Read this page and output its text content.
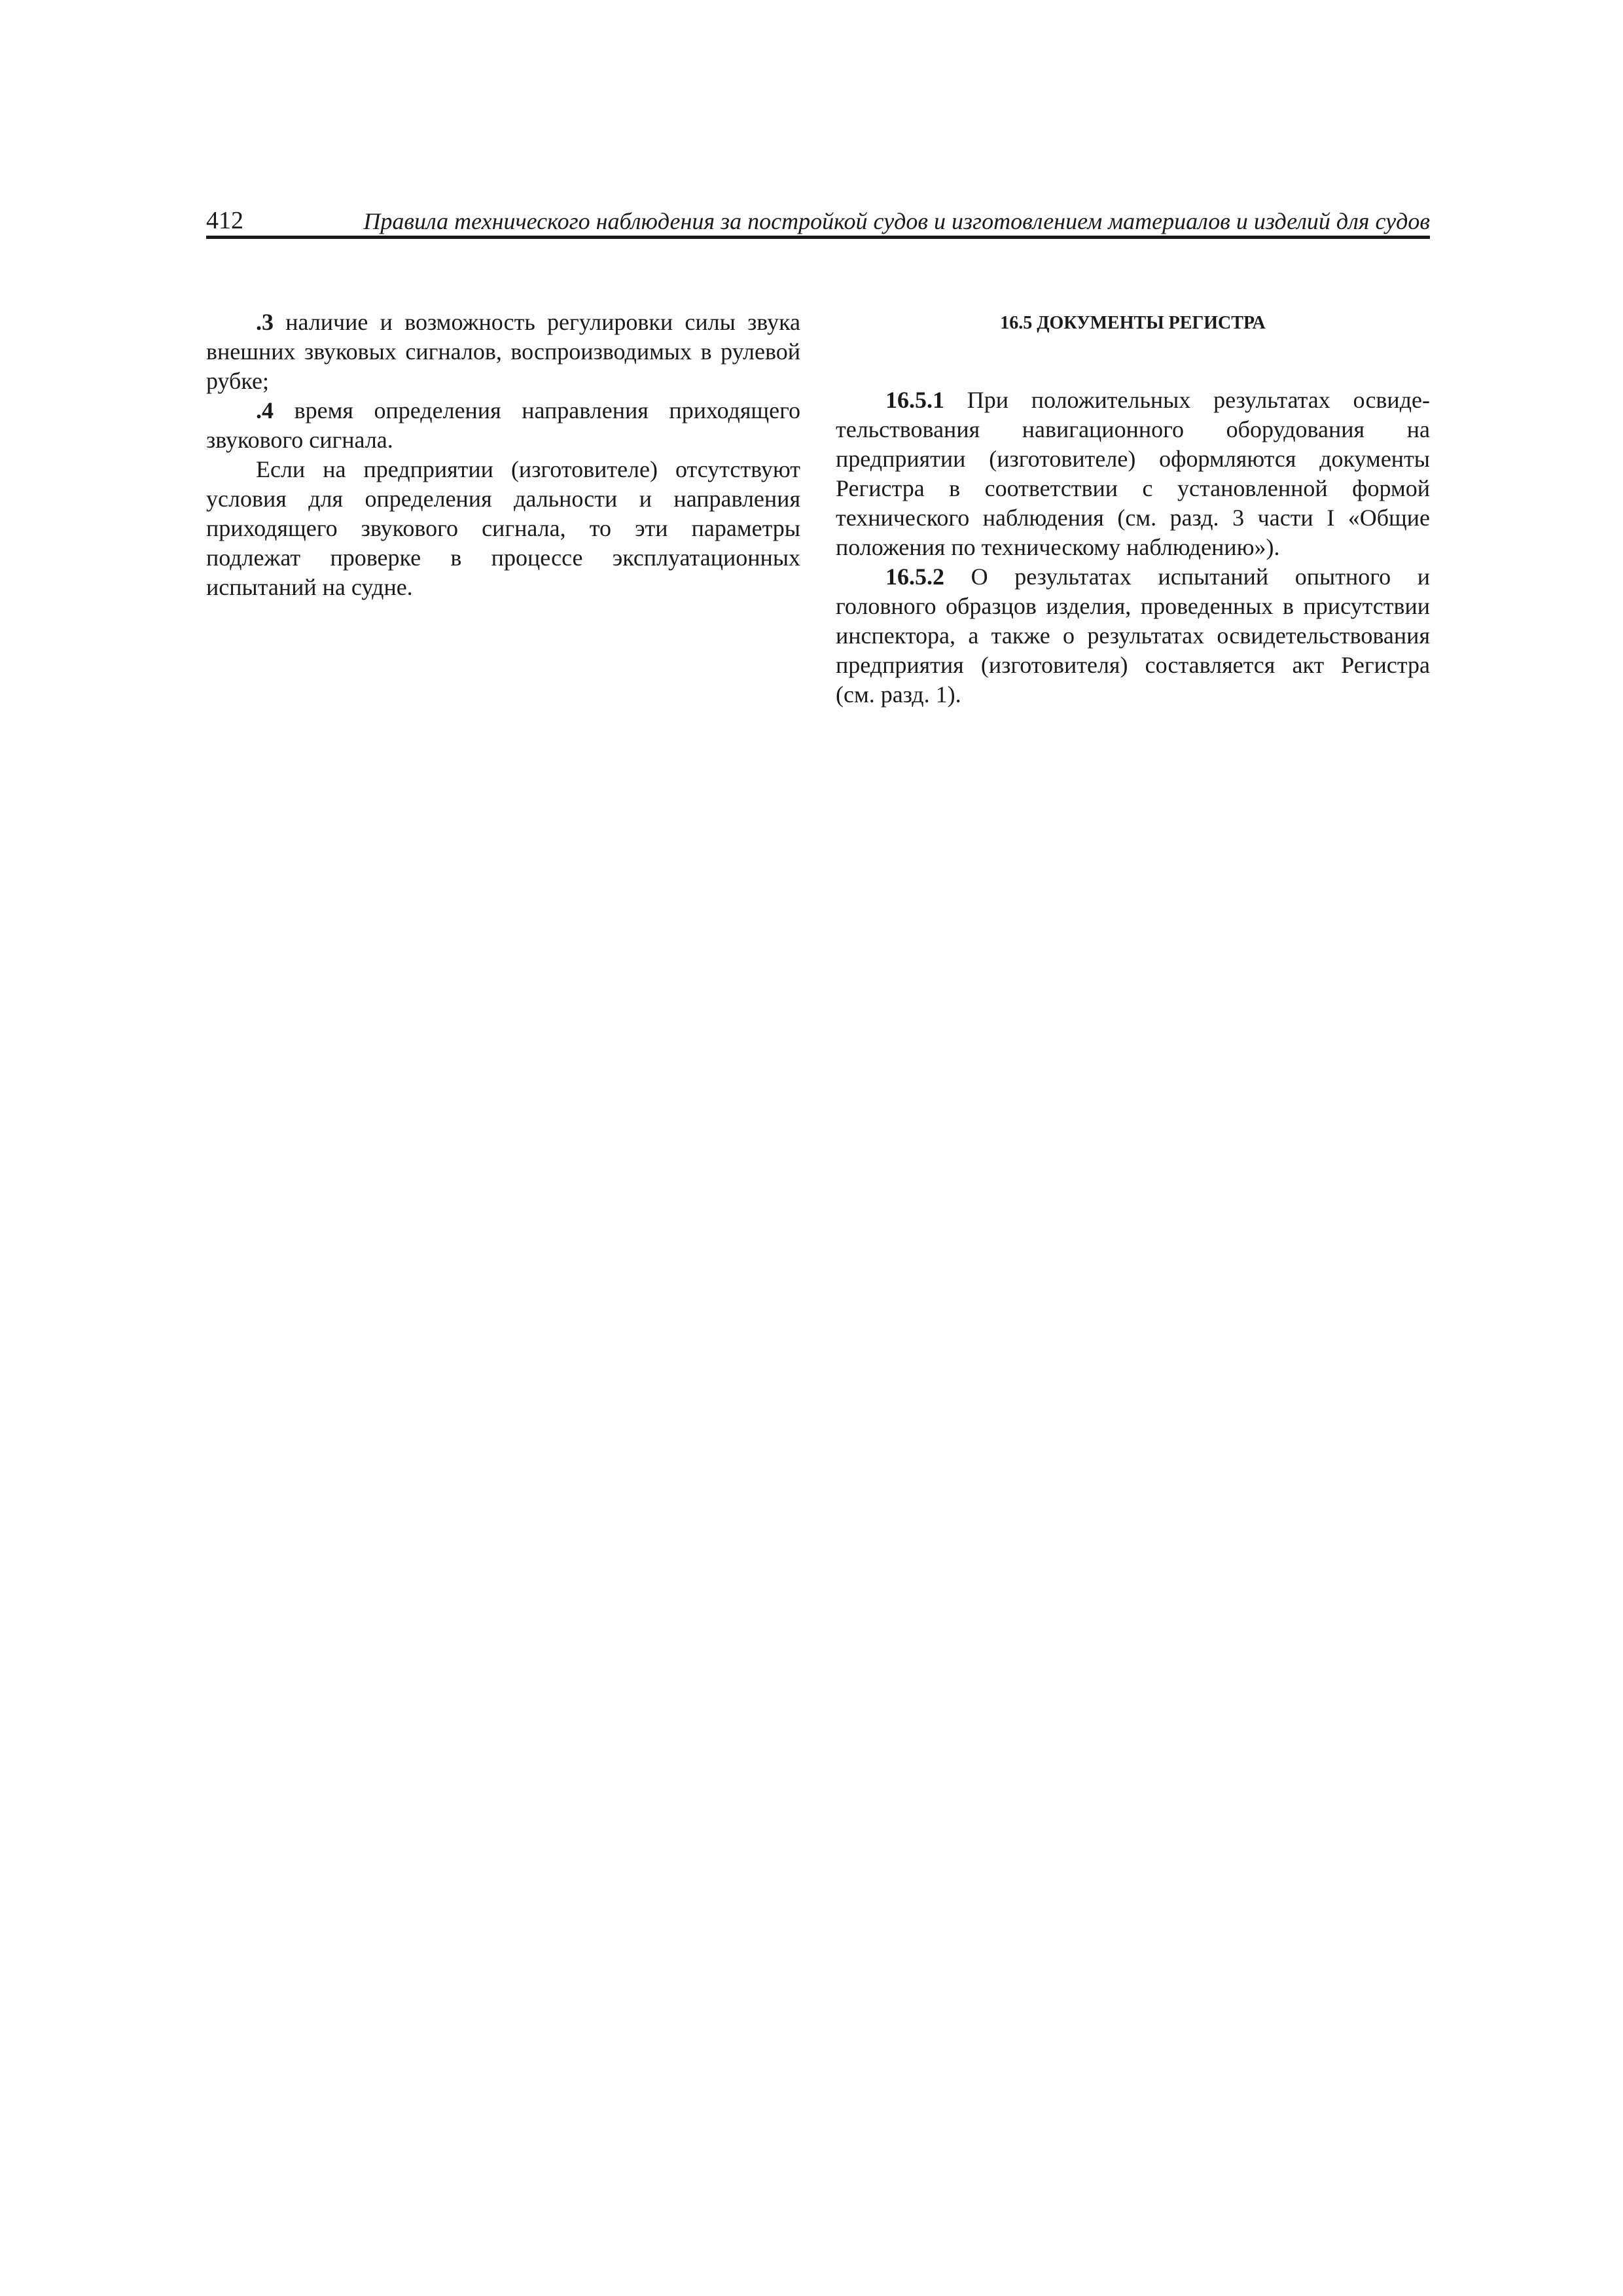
412	Правила технического наблюдения за постройкой судов и изготовлением материалов и изделий для судов

.3 наличие и возможность регулировки силы звука внешних звуковых сигналов, воспроизводимых в рулевой рубке;

.4 время определения направления приходящего звукового сигнала.

Если на предприятии (изготовителе) отсутствуют условия для определения дальности и направления приходящего звукового сигнала, то эти параметры подлежат проверке в процессе эксплуатационных испытаний на судне.

16.5 ДОКУМЕНТЫ РЕГИСТРА

16.5.1 При положительных результатах освидетельствования навигационного оборудования на предприятии (изготовителе) оформляются документы Регистра в соответствии с установленной формой технического наблюдения (см. разд. 3 части I «Общие положения по техническому наблюдению»).

16.5.2 О результатах испытаний опытного и головного образцов изделия, проведенных в присутствии инспектора, а также о результатах освидетельствования предприятия (изготовителя) составляется акт Регистра (см. разд. 1).
